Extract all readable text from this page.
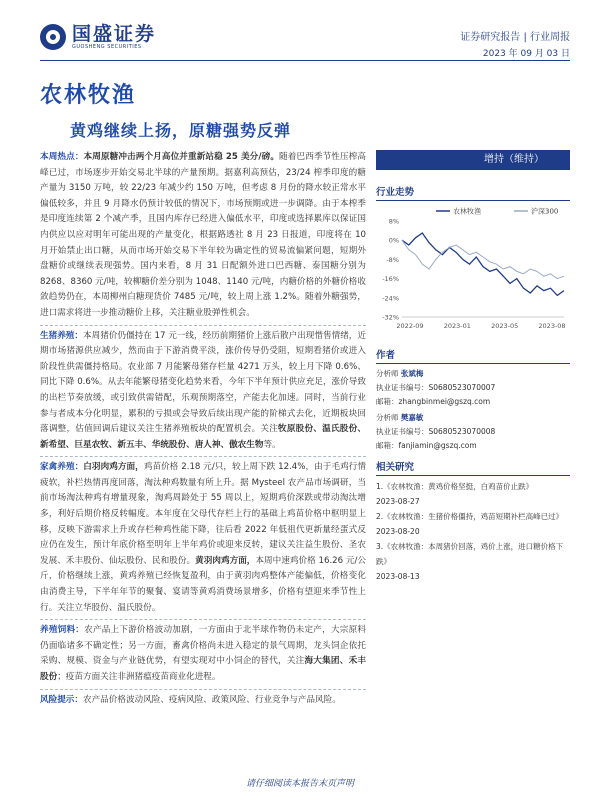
国盛证券
GUOSHENG SECURITIES
证券研究报告 | 行业周报
2023 年 09 月 03 日
农林牧渔
黄鸡继续上扬，原糖强势反弹

本周热点：本周原糖冲击两个月高位并重新站稳 25 美分/磅。随着巴西季节性压榨高峰已过，市场逐步开始交易北半球的产量预期。据嘉利高预估，23/24 榨季印度的糖产量为 3150 万吨，较 22/23 年减少约 150 万吨，但考虑 8 月份的降水较正常水平偏低较多，并且 9 月降水仍预计较低的情况下，市场预期或进一步调降。由于本榨季是印度连续第 2 个减产季，且国内库存已经进入偏低水平，印度或选择累库以保证国内供应以应对明年可能出现的产量变化，根据路透社 8 月 23 日报道，印度将在 10 月开始禁止出口糖，从而市场开始交易下半年较为确定性的贸易流偏紧问题，短期外盘糖价或继续表现强势。国内来看，8 月 31 日配额外进口巴西糖、泰国糖分别为 8268、8360 元/吨，较柳糖价差分别为 1048、1140 元/吨，内糖价格的外糖价格收敛趋势仍在，本周柳州白糖现货价 7485 元/吨，较上周上涨 1.2%。随着外糖强势，进口需求将进一步推动糖价上移，关注糖业股弹性机会。

生猪养殖：本周猪价仍僵持在 17 元一线，经历前期猪价上涨后散户出现惜售情绪，近期市场猪源供应减少，然而由于下游消费平淡，涨价传导仍受阻，短期看猪价或进入阶段性供需僵持格局。农业部 7 月能繁母猪存栏量 4271 万头，较上月下降 0.6%、同比下降 0.6%。从去年能繁母猪变化趋势来看，今年下半年预计供应充足，涨价导致的出栏节奏放缓，或引致供需错配，乐观预期落空，产能去化加速。同时，当前行业参与者成本分化明显，累积的亏损或会导致后续出现产能的阶梯式去化，近期板块回落调整，估值回调后建议关注生猪养殖板块的配置机会。关注牧原股份、温氏股份、新希望、巨星农牧、新五丰、华统股份、唐人神、傲农生物等。

家禽养殖：白羽肉鸡方面，鸡苗价格 2.18 元/只，较上周下跌 12.4%，由于毛鸡行情疲软，补栏热情再度回落，淘汰种鸡数量有所上升。据 Mysteel 农产品市场调研，当前市场淘汰种鸡有增量现象，淘鸡周龄处于 55 周以上，短期鸡价深跌或带动淘汰增多，利好后期价格反转幅度。本年度在父母代存栏上行的基础上鸡苗价格中枢明显上移，反映下游需求上升或存栏种鸡性能下降，往后看 2022 年低祖代更新量经蛋式反应仍在发生，预计年底价格至明年上半年鸡价或迎来反转，建议关注益生股份、圣农发展、禾丰股份、仙坛股份、民和股份。黄羽肉鸡方面，本周中速鸡价格 16.26 元/公斤，价格继续上涨，黄鸡养殖已经恢复盈利，由于黄羽肉鸡整体产能偏低，价格变化由消费主导，下半年年节的聚餐、宴请等黄鸡消费场景增多，价格有望迎来季节性上行。关注立华股份、温氏股份。

养殖饲料：农产品上下游价格波动加剧，一方面由于北半球作物仍未定产，大宗原料仍面临诸多不确定性；另一方面，畜禽价格尚未进入稳定的景气周期，龙头饲企依托采购、规模、资金与产业链优势，有望实现对中小饲企的替代，关注海大集团、禾丰股份；疫苗方面关注非洲猪瘟疫苗商业化进程。

风险提示：农产品价格波动风险、疫病风险、政策风险、行业竞争与产品风险。

增持（维持）
行业走势
8%
0%
-8%
-16%
-24%
-32%
2022-09	2023-01	2023-05	2023-08
农林牧渔	沪深300
作者
分析师 张斌梅
执业证书编号：S0680523070007
邮箱：zhangbinmei@gszq.com
分析师 樊嘉敏
执业证书编号：S0680523070008
邮箱：fanjiamin@gszq.com
相关研究
1.《农林牧渔：黄鸡价格坚挺，白鸡苗价止跌》
2023-08-27
2.《农林牧渔：生猪价格僵持，鸡苗短期补栏高峰已过》
2023-08-20
3.《农林牧渔：本周猪价回落，鸡价上涨，进口糖价格下跌》
2023-08-13
请仔细阅读本报告末页声明
